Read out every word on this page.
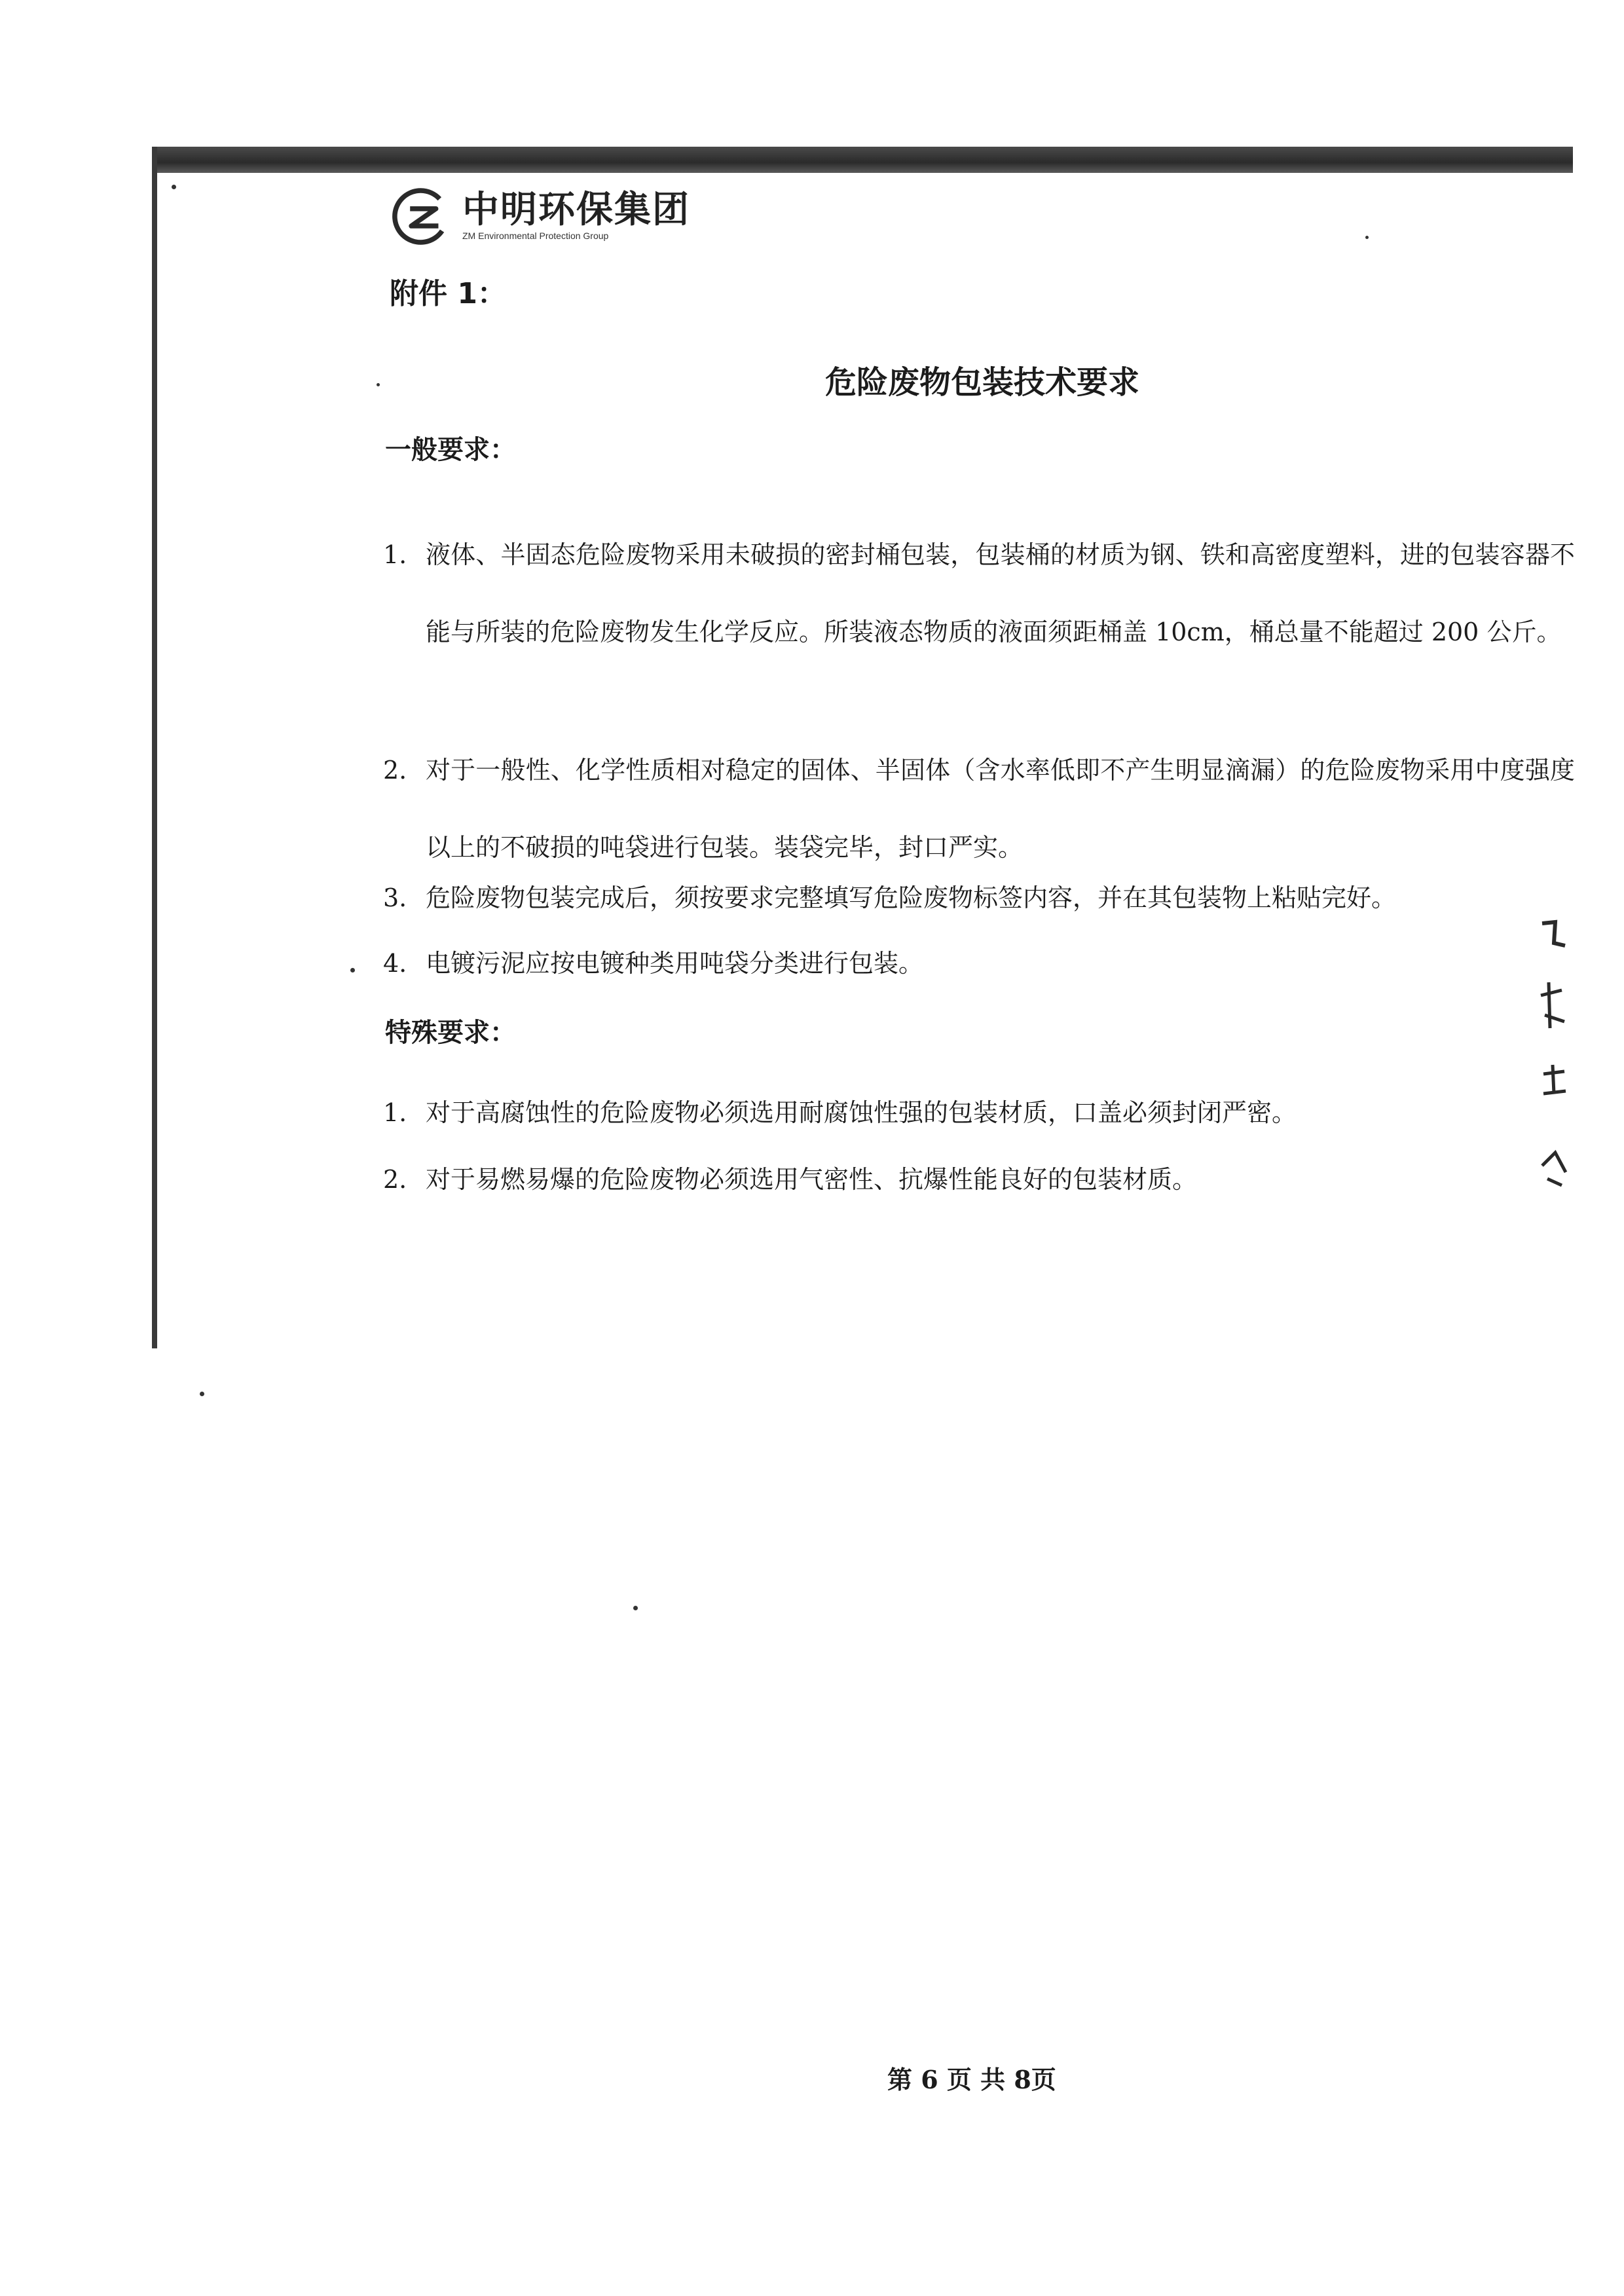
中明环保集团
ZM Environmental Protection Group
附件 1：
危险废物包装技术要求
一般要求：
1. 液体、半固态危险废物采用未破损的密封桶包装，包装桶的材质为钢、铁和高密度塑料，进的包装容器不能与所装的危险废物发生化学反应。所装液态物质的液面须距桶盖 10cm，桶总量不能超过 200 公斤。
2. 对于一般性、化学性质相对稳定的固体、半固体（含水率低即不产生明显滴漏）的危险废物采用中度强度以上的不破损的吨袋进行包装。装袋完毕，封口严实。
3. 危险废物包装完成后，须按要求完整填写危险废物标签内容，并在其包装物上粘贴完好。
4. 电镀污泥应按电镀种类用吨袋分类进行包装。
特殊要求：
1. 对于高腐蚀性的危险废物必须选用耐腐蚀性强的包装材质，口盖必须封闭严密。
2. 对于易燃易爆的危险废物必须选用气密性、抗爆性能良好的包装材质。
第 6 页 共 8页
